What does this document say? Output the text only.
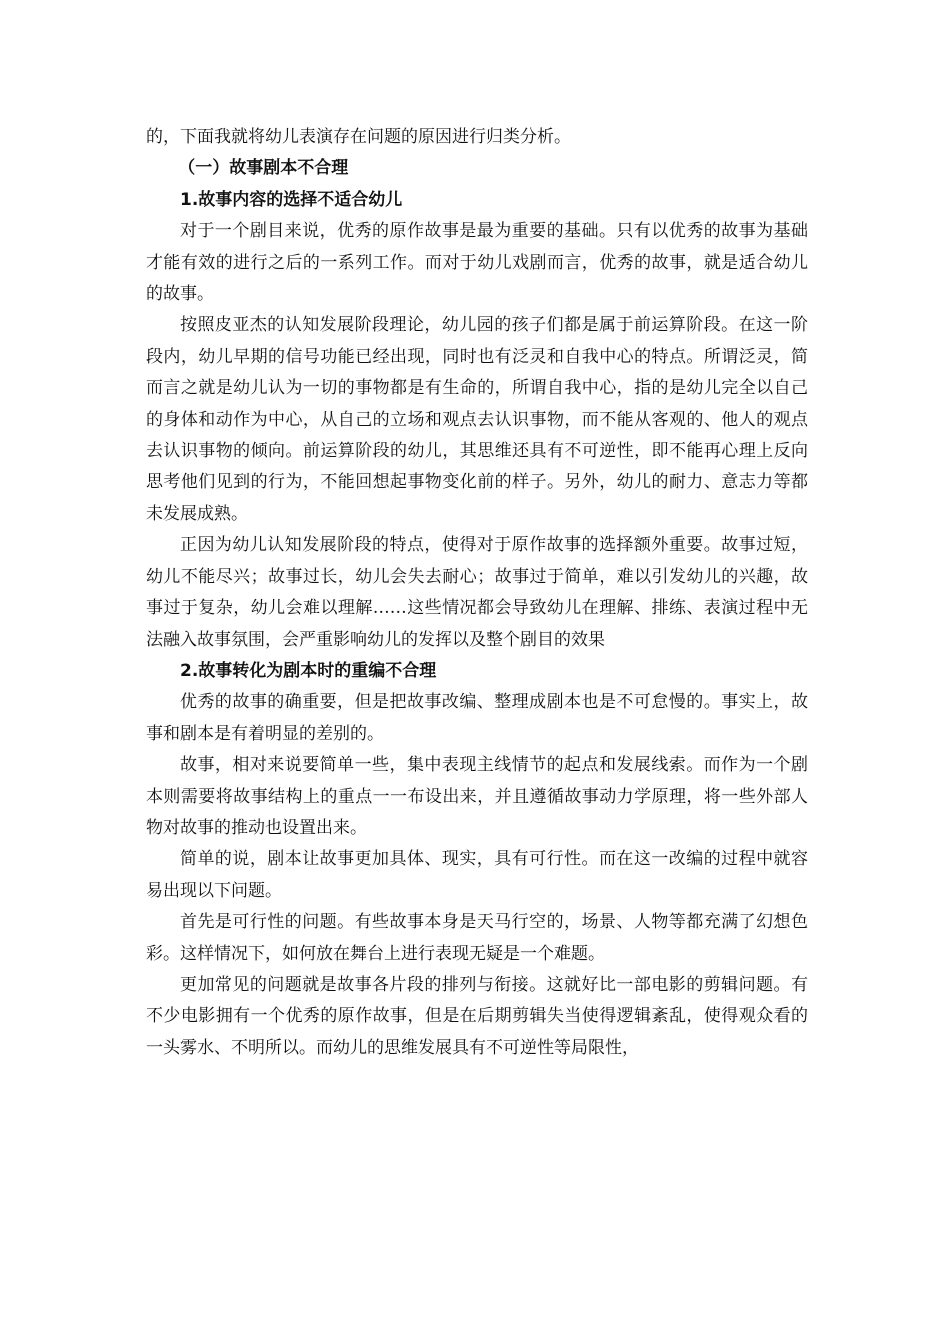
的，下面我就将幼儿表演存在问题的原因进行归类分析。

（一）故事剧本不合理

1.故事内容的选择不适合幼儿

对于一个剧目来说，优秀的原作故事是最为重要的基础。只有以优秀的故事为基础才能有效的进行之后的一系列工作。而对于幼儿戏剧而言，优秀的故事，就是适合幼儿的故事。

按照皮亚杰的认知发展阶段理论，幼儿园的孩子们都是属于前运算阶段。在这一阶段内，幼儿早期的信号功能已经出现，同时也有泛灵和自我中心的特点。所谓泛灵，简而言之就是幼儿认为一切的事物都是有生命的，所谓自我中心，指的是幼儿完全以自己的身体和动作为中心，从自己的立场和观点去认识事物，而不能从客观的、他人的观点去认识事物的倾向。前运算阶段的幼儿，其思维还具有不可逆性，即不能再心理上反向思考他们见到的行为，不能回想起事物变化前的样子。另外，幼儿的耐力、意志力等都未发展成熟。

正因为幼儿认知发展阶段的特点，使得对于原作故事的选择额外重要。故事过短，幼儿不能尽兴；故事过长，幼儿会失去耐心；故事过于简单，难以引发幼儿的兴趣，故事过于复杂，幼儿会难以理解……这些情况都会导致幼儿在理解、排练、表演过程中无法融入故事氛围，会严重影响幼儿的发挥以及整个剧目的效果

2.故事转化为剧本时的重编不合理

优秀的故事的确重要，但是把故事改编、整理成剧本也是不可怠慢的。事实上，故事和剧本是有着明显的差别的。

故事，相对来说要简单一些，集中表现主线情节的起点和发展线索。而作为一个剧本则需要将故事结构上的重点一一布设出来，并且遵循故事动力学原理，将一些外部人物对故事的推动也设置出来。

简单的说，剧本让故事更加具体、现实，具有可行性。而在这一改编的过程中就容易出现以下问题。

首先是可行性的问题。有些故事本身是天马行空的，场景、人物等都充满了幻想色彩。这样情况下，如何放在舞台上进行表现无疑是一个难题。

更加常见的问题就是故事各片段的排列与衔接。这就好比一部电影的剪辑问题。有不少电影拥有一个优秀的原作故事，但是在后期剪辑失当使得逻辑紊乱，使得观众看的一头雾水、不明所以。而幼儿的思维发展具有不可逆性等局限性，
